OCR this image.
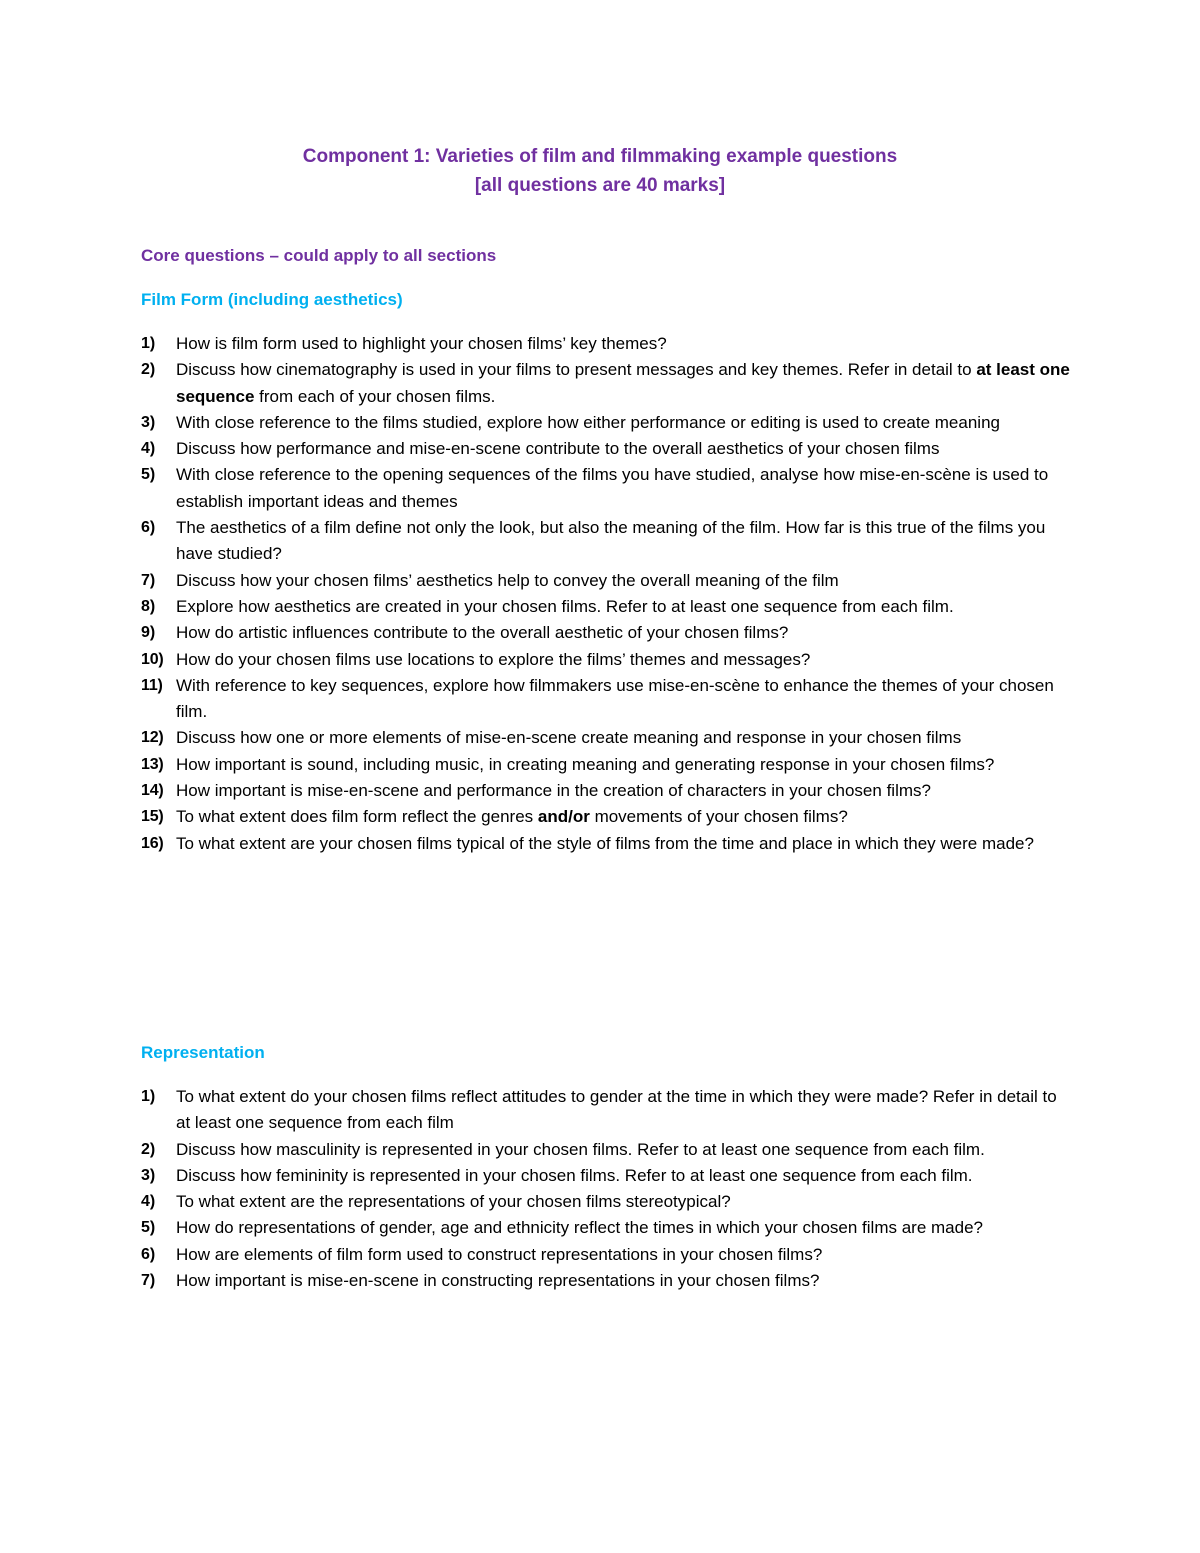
Component 1: Varieties of film and filmmaking example questions
[all questions are 40 marks]
Core questions – could apply to all sections
Film Form (including aesthetics)
1) How is film form used to highlight your chosen films’ key themes?
2) Discuss how cinematography is used in your films to present messages and key themes. Refer in detail to at least one sequence from each of your chosen films.
3) With close reference to the films studied, explore how either performance or editing is used to create meaning
4) Discuss how performance and mise-en-scene contribute to the overall aesthetics of your chosen films
5) With close reference to the opening sequences of the films you have studied, analyse how mise-en-scène is used to establish important ideas and themes
6) The aesthetics of a film define not only the look, but also the meaning of the film. How far is this true of the films you have studied?
7) Discuss how your chosen films’ aesthetics help to convey the overall meaning of the film
8) Explore how aesthetics are created in your chosen films. Refer to at least one sequence from each film.
9) How do artistic influences contribute to the overall aesthetic of your chosen films?
10) How do your chosen films use locations to explore the films’ themes and messages?
11) With reference to key sequences, explore how filmmakers use mise-en-scène to enhance the themes of your chosen film.
12) Discuss how one or more elements of mise-en-scene create meaning and response in your chosen films
13) How important is sound, including music, in creating meaning and generating response in your chosen films?
14) How important is mise-en-scene and performance in the creation of characters in your chosen films?
15) To what extent does film form reflect the genres and/or movements of your chosen films?
16) To what extent are your chosen films typical of the style of films from the time and place in which they were made?
Representation
1) To what extent do your chosen films reflect attitudes to gender at the time in which they were made? Refer in detail to at least one sequence from each film
2) Discuss how masculinity is represented in your chosen films. Refer to at least one sequence from each film.
3) Discuss how femininity is represented in your chosen films. Refer to at least one sequence from each film.
4) To what extent are the representations of your chosen films stereotypical?
5) How do representations of gender, age and ethnicity reflect the times in which your chosen films are made?
6) How are elements of film form used to construct representations in your chosen films?
7) How important is mise-en-scene in constructing representations in your chosen films?
